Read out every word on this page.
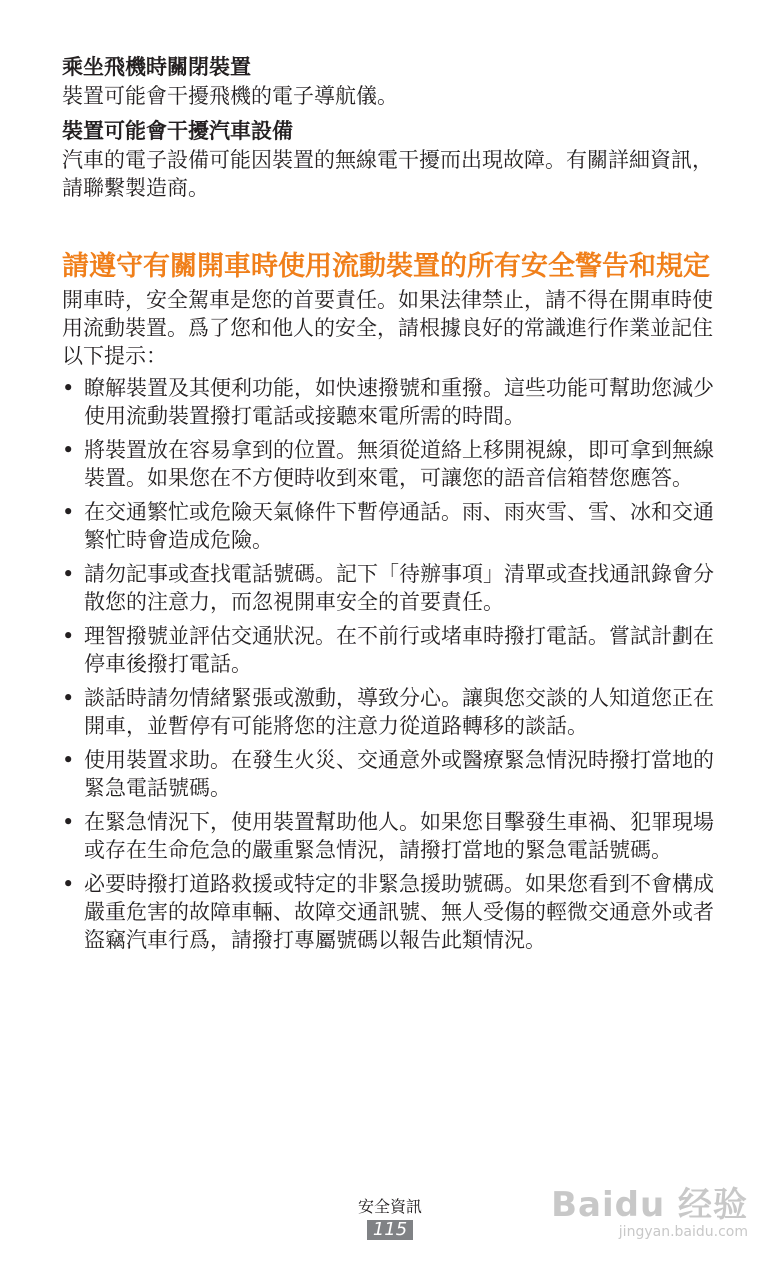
乘坐飛機時關閉裝置

裝置可能會干擾飛機的電子導航儀。

裝置可能會干擾汽車設備

汽車的電子設備可能因裝置的無線電干擾而出現故障。有關詳細資訊，請聯繫製造商。

請遵守有關開車時使用流動裝置的所有安全警告和規定

開車時，安全駕車是您的首要責任。如果法律禁止，請不得在開車時使用流動裝置。爲了您和他人的安全，請根據良好的常識進行作業並記住以下提示：

• 瞭解裝置及其便利功能，如快速撥號和重撥。這些功能可幫助您減少使用流動裝置撥打電話或接聽來電所需的時間。
• 將裝置放在容易拿到的位置。無須從道絡上移開視線，即可拿到無線裝置。如果您在不方便時收到來電，可讓您的語音信箱替您應答。
• 在交通繁忙或危險天氣條件下暫停通話。雨、雨夾雪、雪、冰和交通繁忙時會造成危險。
• 請勿記事或查找電話號碼。記下「待辦事項」清單或查找通訊錄會分散您的注意力，而忽視開車安全的首要責任。
• 理智撥號並評估交通狀況。在不前行或堵車時撥打電話。嘗試計劃在停車後撥打電話。
• 談話時請勿情緒緊張或激動，導致分心。讓與您交談的人知道您正在開車，並暫停有可能將您的注意力從道路轉移的談話。
• 使用裝置求助。在發生火災、交通意外或醫療緊急情況時撥打當地的緊急電話號碼。
• 在緊急情況下，使用裝置幫助他人。如果您目擊發生車禍、犯罪現場或存在生命危急的嚴重緊急情況，請撥打當地的緊急電話號碼。
• 必要時撥打道路救援或特定的非緊急援助號碼。如果您看到不會構成嚴重危害的故障車輛、故障交通訊號、無人受傷的輕微交通意外或者盜竊汽車行爲，請撥打專屬號碼以報告此類情況。
安全資訊
115
Baidu 经验
jingyan.baidu.com
